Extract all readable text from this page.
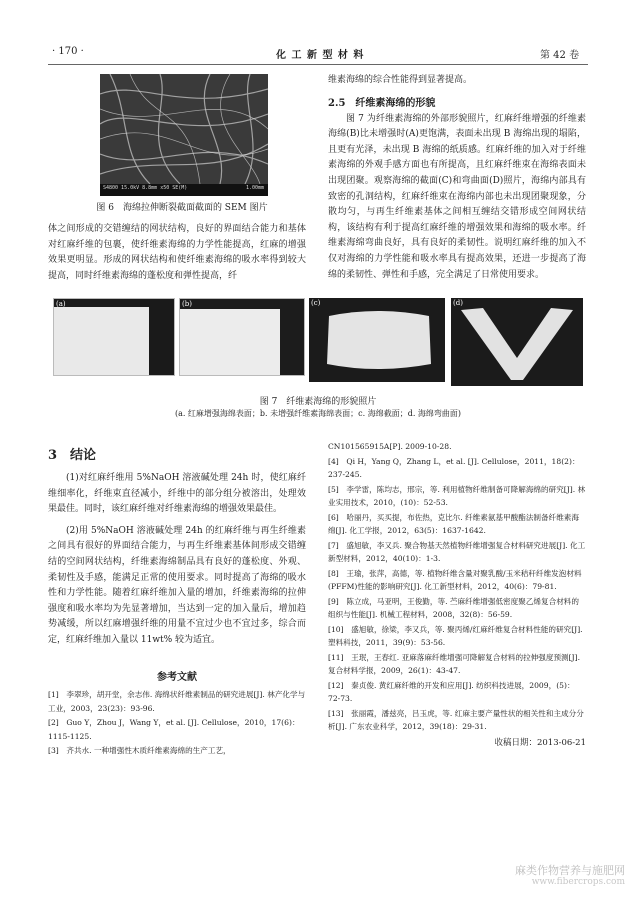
· 170 ·	化 工 新 型 材 料	第 42 卷
S4800 15.0kV 8.8mm x50 SE(M)	1.00mm
图 6　海绵拉伸断裂截面截面的 SEM 图片

体之间形成的交错缠结的网状结构，良好的界面结合能力和基体对红麻纤维的包裹，使纤维素海绵的力学性能提高，红麻的增强效果更明显。形成的网状结构和使纤维素海绵的吸水率得到较大提高，同时纤维素海绵的蓬松度和弹性提高，纤

维素海绵的综合性能得到显著提高。

2.5　纤维素海绵的形貌

图 7 为纤维素海绵的外部形貌照片，红麻纤维增强的纤维素海绵(B)比未增强时(A)更饱满，表面未出现 B 海绵出现的塌陷，且更有光泽，未出现 B 海绵的纸质感。红麻纤维的加入对于纤维素海绵的外观手感方面也有所提高，且红麻纤维束在海绵表面未出现团聚。观察海绵的截面(C)和弯曲面(D)照片，海绵内部具有致密的孔洞结构，红麻纤维束在海绵内部也未出现团聚现象，分散均匀，与再生纤维素基体之间相互缠结交错形成空间网状结构，该结构有利于提高红麻纤维的增强效果和海绵的吸水率。纤维素海绵弯曲良好，具有良好的柔韧性。说明红麻纤维的加入不仅对海绵的力学性能和吸水率具有提高效果，还进一步提高了海绵的柔韧性、弹性和手感，完全满足了日常使用要求。

(a)	(b)	(c)	(d)
图 7　纤维素海绵的形貌照片
(a. 红麻增强海绵表面；b. 未增强纤维素海绵表面；c. 海绵截面；d. 海绵弯曲面)
3　结论

(1)对红麻纤维用 5%NaOH 溶液碱处理 24h 时，使红麻纤维细率化，纤维束直径减小，纤维中的部分组分被溶出，处理效果最佳。同时，该红麻纤维对纤维素海绵的增强效果最佳。

(2)用 5%NaOH 溶液碱处理 24h 的红麻纤维与再生纤维素之间具有很好的界面结合能力，与再生纤维素基体间形成交错缠结的空间网状结构，纤维素海绵制品具有良好的蓬松度、外观、柔韧性及手感，能满足正常的使用要求。同时提高了海绵的吸水性和力学性能。随着红麻纤维加入量的增加，纤维素海绵的拉伸强度和吸水率均为先显著增加，当达到一定的加入量后，增加趋势减缓，所以红麻增强纤维的用量不宜过少也不宜过多，综合而定，红麻纤维加入量以 11wt% 较为适宜。

参考文献
[1]　李翠珍，胡开堂，余志伟. 海绵状纤维素制品的研究进展[J]. 林产化学与工业，2003，23(23)：93-96.
[2]　Guo Y，Zhou J，Wang Y，et al. [J]. Cellulose，2010，17(6)：1115-1125.
[3]　齐共水. 一种增强性木质纤维素海绵的生产工艺，
CN101565915A[P]. 2009-10-28.
[4]　Qi H，Yang Q，Zhang L，et al. [J]. Cellulose，2011，18(2)：237-245.
[5]　李学雷，陈均志，邢宗，等. 利用植物纤维制备可降解海绵的研究[J]. 林业实用技术，2010，(10)：52-53.
[6]　哈丽丹，买买提，布佐热，克比尔. 纤维素氨基甲酸酯法制备纤维素海绵[J]. 化工学报，2012，63(5)：1637-1642.
[7]　盛旭敏，李又兵. 聚合物基天然植物纤维增强复合材料研究进展[J]. 化工新型材料，2012，40(10)：1-3.
[8]　王瑜，张萍，高德，等. 植物纤维含量对聚乳酸/玉米秸秆纤维发泡材料(PFFM)性能的影响研究[J]. 化工新型材料，2012，40(6)：79-81.
[9]　陈立成，马亚明，王俊勤，等. 苎麻纤维增强低密度聚乙烯复合材料的组织与性能[J]. 机械工程材料，2008，32(8)：56-59.
[10]　盛旭敏，徐梁，李又兵，等. 聚丙烯/红麻纤维复合材料性能的研究[J]. 塑料科技，2011，39(9)：53-56.
[11]　王珉，王春红. 亚麻落麻纤维增强可降解复合材料的拉伸强度预测[J]. 复合材料学报，2009，26(1)：43-47.
[12]　秦贞俊. 黄红麻纤维的开发和应用[J]. 纺织科技进展，2009，(5)：72-73.
[13]　张丽霞，潘兹亮，吕玉虎，等. 红麻主要产量性状的相关性和主成分分析[J]. 广东农业科学，2012，39(18)：29-31.
收稿日期：2013-06-21
麻类作物营养与施肥网
www.fibercrops.com
